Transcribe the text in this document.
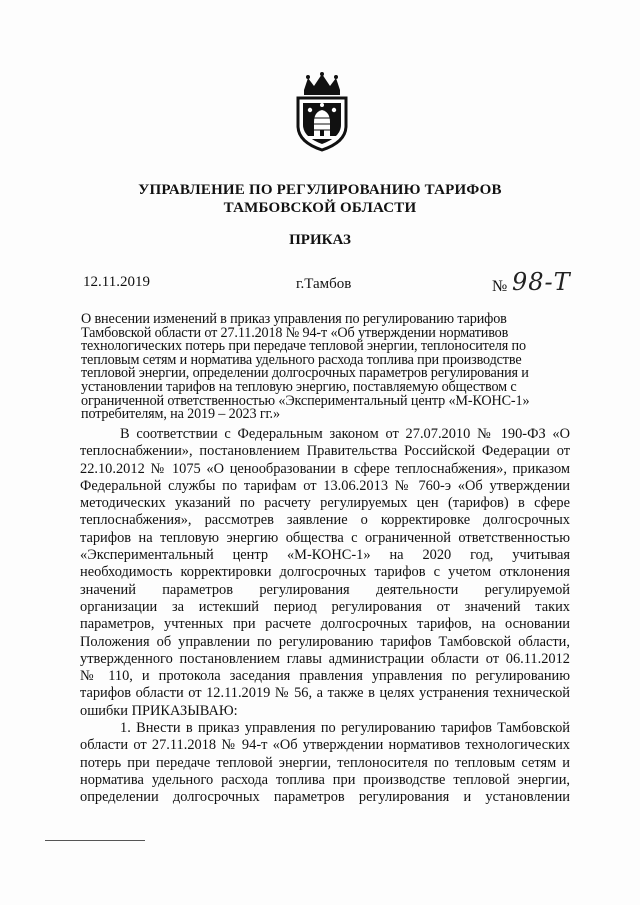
УПРАВЛЕНИЕ ПО РЕГУЛИРОВАНИЮ ТАРИФОВ
ТАМБОВСКОЙ ОБЛАСТИ
ПРИКАЗ
12.11.2019	г.Тамбов	№ 98-Т
О внесении изменений в приказ управления по регулированию тарифов
Тамбовской области от 27.11.2018 № 94-т «Об утверждении нормативов
технологических потерь при передаче тепловой энергии, теплоносителя по
тепловым сетям и норматива удельного расхода топлива при производстве
тепловой энергии, определении долгосрочных параметров регулирования и
установлении тарифов на тепловую энергию, поставляемую обществом с
ограниченной ответственностью «Экспериментальный центр «М-КОНС-1»
потребителям, на 2019 – 2023 гг.»
В соответствии с Федеральным законом от 27.07.2010 № 190-ФЗ «О
теплоснабжении», постановлением Правительства Российской Федерации от
22.10.2012 № 1075 «О ценообразовании в сфере теплоснабжения», приказом
Федеральной службы по тарифам от 13.06.2013 № 760-э «Об утверждении
методических указаний по расчету регулируемых цен (тарифов) в сфере
теплоснабжения», рассмотрев заявление о корректировке долгосрочных
тарифов на тепловую энергию общества с ограниченной ответственностью
«Экспериментальный центр «М-КОНС-1» на 2020 год, учитывая
необходимость корректировки долгосрочных тарифов с учетом отклонения
значений параметров регулирования деятельности регулируемой
организации за истекший период регулирования от значений таких
параметров, учтенных при расчете долгосрочных тарифов, на основании
Положения об управлении по регулированию тарифов Тамбовской области,
утвержденного постановлением главы администрации области от 06.11.2012
№ 110, и протокола заседания правления управления по регулированию
тарифов области от 12.11.2019 № 56, а также в целях устранения технической
ошибки ПРИКАЗЫВАЮ:
1. Внести в приказ управления по регулированию тарифов Тамбовской
области от 27.11.2018 № 94-т «Об утверждении нормативов технологических
потерь при передаче тепловой энергии, теплоносителя по тепловым сетям и
норматива удельного расхода топлива при производстве тепловой энергии,
определении долгосрочных параметров регулирования и установлении
